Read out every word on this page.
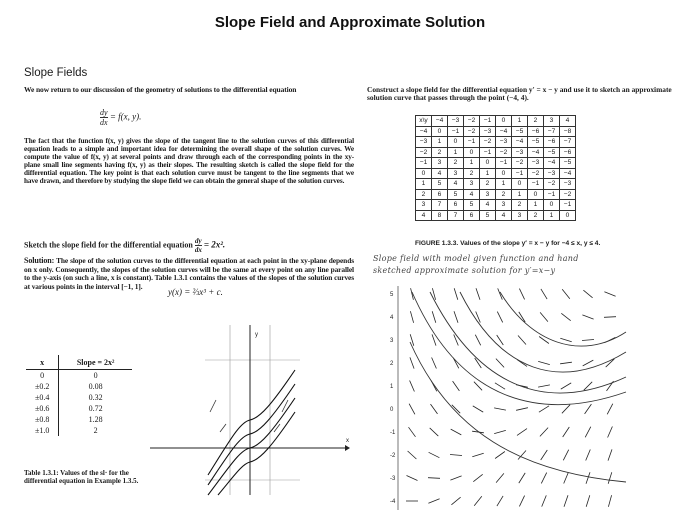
Slope Field and Approximate Solution
Slope Fields
We now return to our discussion of the geometry of solutions to the differential equation
$\frac{dy}{dx} = f(x$, y).
The fact that the function f(x, y) gives the slope of the tangent line to the solution curves of this differential equation leads to a simple and important idea for determining the overall shape of the solution curves. We compute the value of f(x, y) at several points and draw through each of the corresponding points in the xy-plane small line segments having f(x, y) as their slopes. The resulting sketch is called the slope field for the differential equation. The key point is that each solution curve must be tangent to the line segments that we have drawn, and therefore by studying the slope field we can obtain the general shape of the solution curves.
Sketch the slope field for the differential equation $\frac{dy}{dx} = 2x^2$.
Solution: The slope of the solution curves to the differential equation at each point in the xy-plane depends on x only. Consequently, the slopes of the solution curves will be the same at every point on any line parallel to the y-axis (on such a line, x is constant). Table 1.3.1 contains the values of the slopes of the solution curves at various points in the interval [−1, 1].
y(x) = ⅔x³ + c.
x	Slope = 2x²
0	0
±0.2	0.08
±0.4	0.32
±0.6	0.72
±0.8	1.28
±1.0	2
Table 1.3.1: Values of the sl· for the differential equation in Example 1.3.5.
y
x
Construct a slope field for the differential equation y′ = x − y and use it to sketch an approximate solution curve that passes through the point (−4, 4).
x\y	−4	−3	−2	−1	0	1	2	3	4
−4	0	−1	−2	−3	−4	−5	−6	−7	−8
−3	1	0	−1	−2	−3	−4	−5	−6	−7
−2	2	1	0	−1	−2	−3	−4	−5	−6
−1	3	2	1	0	−1	−2	−3	−4	−5
0	4	3	2	1	0	−1	−2	−3	−4
1	5	4	3	2	1	0	−1	−2	−3
2	6	5	4	3	2	1	0	−1	−2
3	7	6	5	4	3	2	1	0	−1
4	8	7	6	5	4	3	2	1	0
FIGURE 1.3.3. Values of the slope y′ = x − y for −4 ≤ x, y ≤ 4.
Slope field with model given function and hand
sketched approximate solution for y′=x−y
5
4
3
2
1
0
-1
-2
-3
-4
